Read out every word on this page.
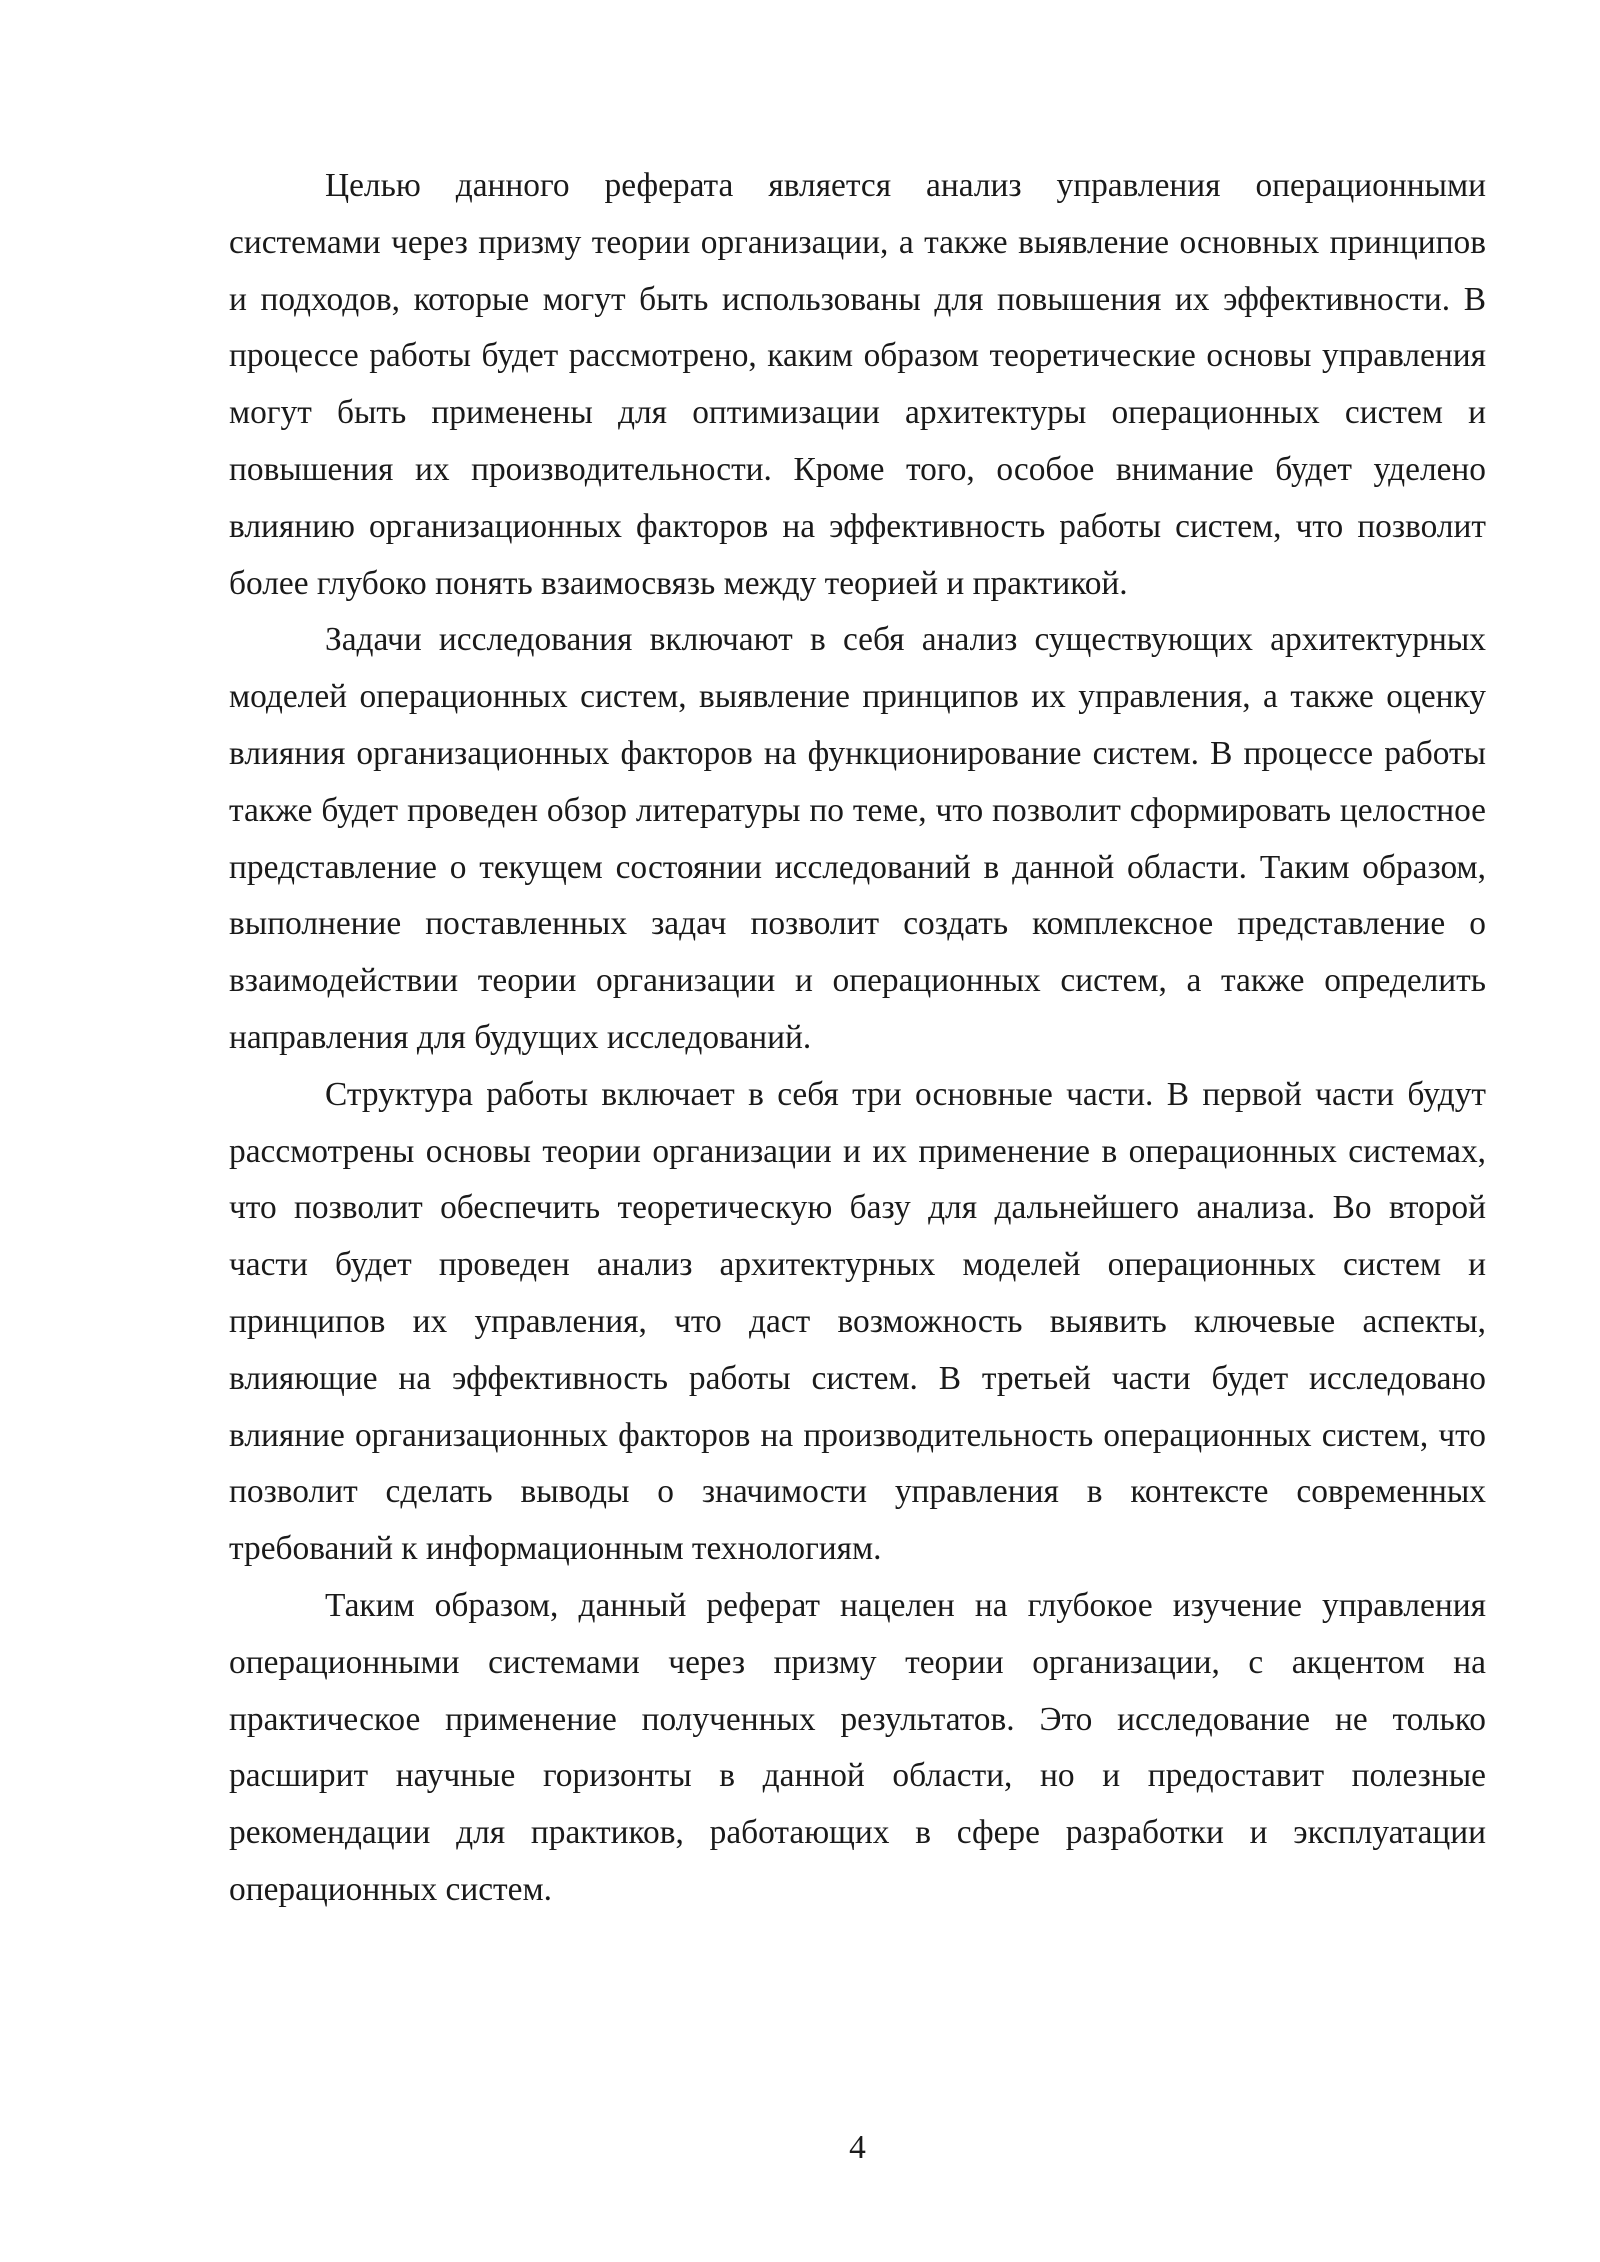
Целью данного реферата является анализ управления операционными системами через призму теории организации, а также выявление основных принципов и подходов, которые могут быть использованы для повышения их эффективности. В процессе работы будет рассмотрено, каким образом теоретические основы управления могут быть применены для оптимизации архитектуры операционных систем и повышения их производительности. Кроме того, особое внимание будет уделено влиянию организационных факторов на эффективность работы систем, что позволит более глубоко понять взаимосвязь между теорией и практикой.

Задачи исследования включают в себя анализ существующих архитектурных моделей операционных систем, выявление принципов их управления, а также оценку влияния организационных факторов на функционирование систем. В процессе работы также будет проведен обзор литературы по теме, что позволит сформировать целостное представление о текущем состоянии исследований в данной области. Таким образом, выполнение поставленных задач позволит создать комплексное представление о взаимодействии теории организации и операционных систем, а также определить направления для будущих исследований.

Структура работы включает в себя три основные части. В первой части будут рассмотрены основы теории организации и их применение в операционных системах, что позволит обеспечить теоретическую базу для дальнейшего анализа. Во второй части будет проведен анализ архитектурных моделей операционных систем и принципов их управления, что даст возможность выявить ключевые аспекты, влияющие на эффективность работы систем. В третьей части будет исследовано влияние организационных факторов на производительность операционных систем, что позволит сделать выводы о значимости управления в контексте современных требований к информационным технологиям.

Таким образом, данный реферат нацелен на глубокое изучение управления операционными системами через призму теории организации, с акцентом на практическое применение полученных результатов. Это исследование не только расширит научные горизонты в данной области, но и предоставит полезные рекомендации для практиков, работающих в сфере разработки и эксплуатации операционных систем.

4
